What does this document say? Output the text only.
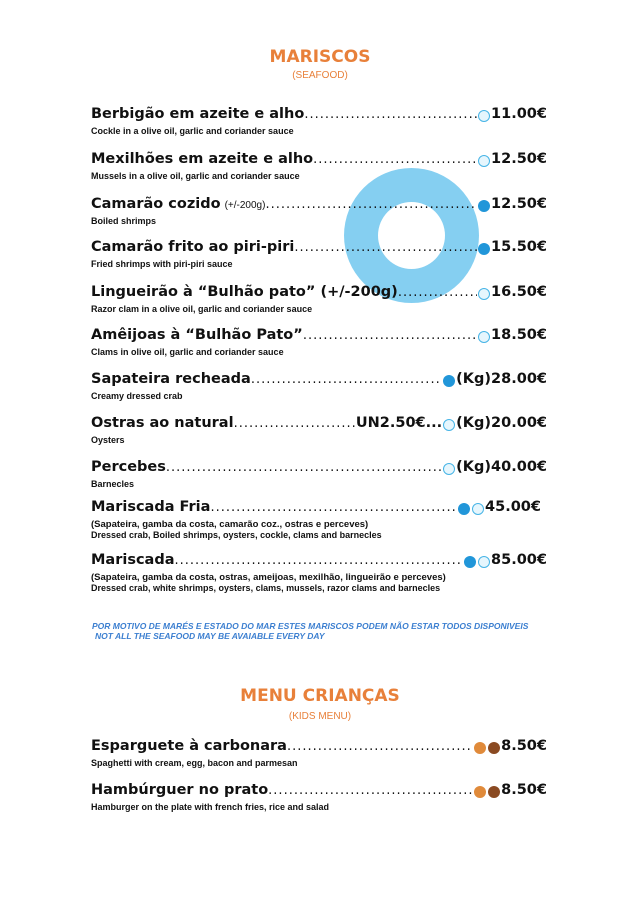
MARISCOS

(SEAFOOD)

Berbigão em azeite e alho .....	11.00€

Cockle in a olive oil, garlic and coriander sauce

Mexilhões em azeite e alho .....	12.50€

Mussels in a olive oil, garlic and coriander sauce

Camarão cozido (+/-200g) .....	12.50€

Boiled shrimps

Camarão frito ao piri-piri .....	15.50€

Fried shrimps with piri-piri sauce

Lingueirão à “Bulhão pato” (+/-200g) .....	16.50€

Razor clam in a olive oil, garlic and coriander sauce

Amêijoas à “Bulhão Pato” .....	18.50€

Clams in olive oil, garlic and coriander sauce

Sapateira recheada .....	(Kg)28.00€

Creamy dressed crab

Ostras ao natural .....	UN2.50€... (Kg)20.00€

Oysters

Percebes .....	(Kg)40.00€

Barnecles

Mariscada Fria .....	45.00€

(Sapateira, gamba da costa, camarão coz., ostras e perceves)

Dressed crab, Boiled shrimps, oysters, cockle, clams and barnecles

Mariscada .....	85.00€

(Sapateira, gamba da costa, ostras, ameijoas, mexilhão, lingueirão e perceves)

Dressed crab, white shrimps, oysters, clams, mussels, razor clams and barnecles

POR MOTIVO DE MARÉS E ESTADO DO MAR ESTES MARISCOS PODEM NÃO ESTAR TODOS DISPONIVEIS

NOT ALL THE SEAFOOD MAY BE AVAIABLE EVERY DAY

MENU CRIANÇAS

(KIDS MENU)

Esparguete à carbonara .....	8.50€

Spaghetti with cream, egg, bacon and parmesan

Hambúrguer no prato .....	8.50€

Hamburger on the plate with french fries, rice and salad
